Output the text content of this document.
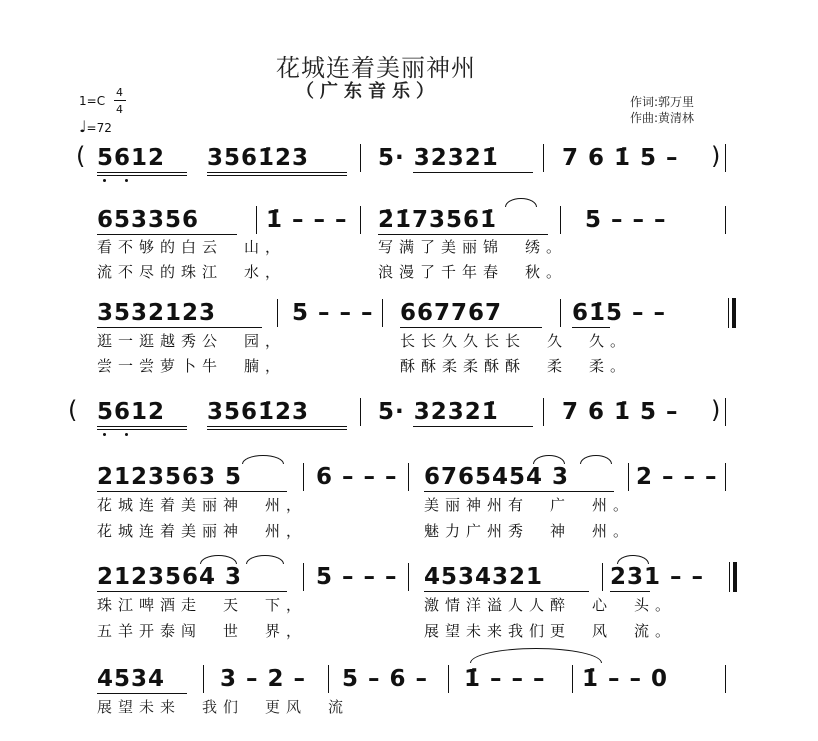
花城连着美丽神州
（广东音乐）	作词:郭万里
作曲:黄清林
1=C
4
4
♩=72
( 5612 3561̇23	5· 32321̇	7 6 1̇ 5 – )
653356	1̇ – – – 2̇1̇73561̇	5 – – –
看不够的白云　山，	写满了美丽锦　绣。
流不尽的珠江　水，	浪漫了千年春　秋。
3532123	5 – – – 667767	61̇5 – –
逛一逛越秀公　园，	长长久久长长　久　久。
尝一尝萝卜牛　腩，	酥酥柔柔酥酥　柔　柔。
( 5612 3561̇23	5· 32321̇	7 6 1̇ 5 – )
2123563 5	6 – – – 6765454 3	2 – – –
花城连着美丽神　州，	美丽神州有　广　州。
花城连着美丽神　州，	魅力广州秀　神　州。
2123564 3	5 – – – 4534321	231 – –
珠江啤酒走　天　下，	激情洋溢人人醉　心　头。
五羊开泰闯　世　界，	展望未来我们更　风　流。
4534 3 – 2 – 5 – 6 – 1̇ – – – 1̇ – – 0
展望未来　我们　更风　流
